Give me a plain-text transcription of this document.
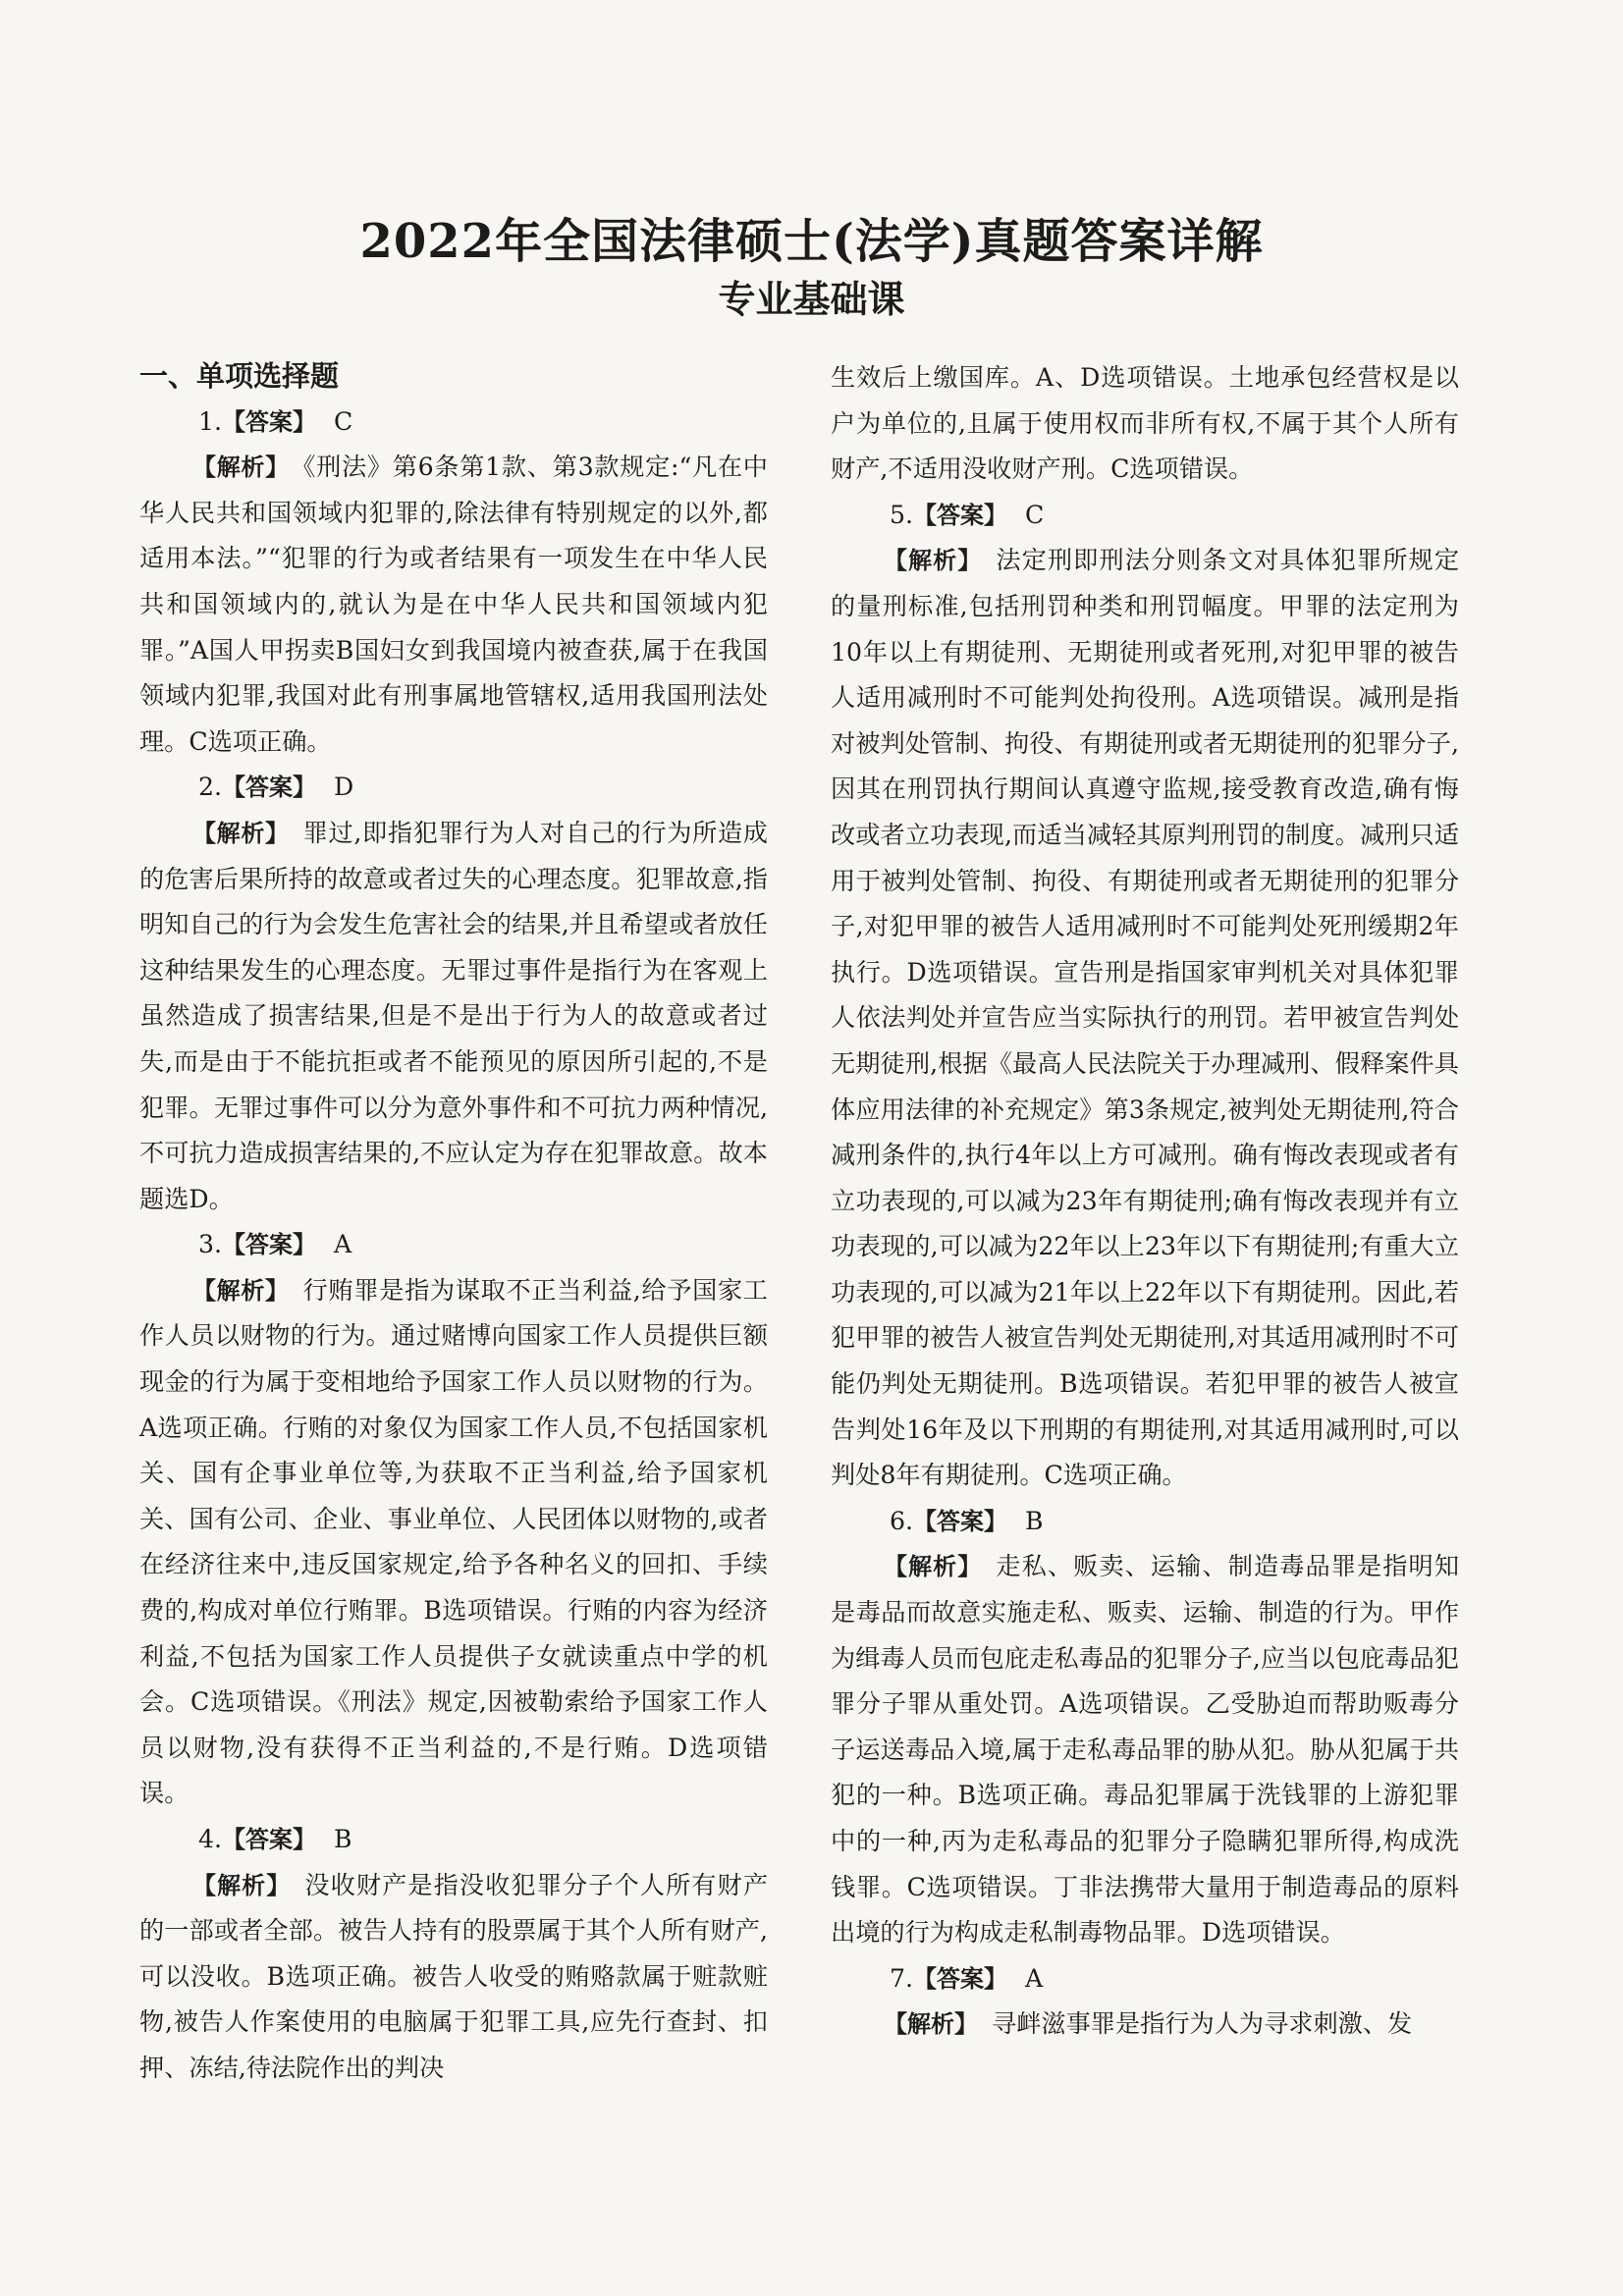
2022年全国法律硕士(法学)真题答案详解
专业基础课

一、单项选择题

1.【答案】 C

【解析】 《刑法》第6条第1款、第3款规定:“凡在中华人民共和国领域内犯罪的,除法律有特别规定的以外,都适用本法。”“犯罪的行为或者结果有一项发生在中华人民共和国领域内的,就认为是在中华人民共和国领域内犯罪。”A国人甲拐卖B国妇女到我国境内被查获,属于在我国领域内犯罪,我国对此有刑事属地管辖权,适用我国刑法处理。C选项正确。

2.【答案】 D

【解析】 罪过,即指犯罪行为人对自己的行为所造成的危害后果所持的故意或者过失的心理态度。犯罪故意,指明知自己的行为会发生危害社会的结果,并且希望或者放任这种结果发生的心理态度。无罪过事件是指行为在客观上虽然造成了损害结果,但是不是出于行为人的故意或者过失,而是由于不能抗拒或者不能预见的原因所引起的,不是犯罪。无罪过事件可以分为意外事件和不可抗力两种情况,不可抗力造成损害结果的,不应认定为存在犯罪故意。故本题选D。

3.【答案】 A

【解析】 行贿罪是指为谋取不正当利益,给予国家工作人员以财物的行为。通过赌博向国家工作人员提供巨额现金的行为属于变相地给予国家工作人员以财物的行为。A选项正确。行贿的对象仅为国家工作人员,不包括国家机关、国有企事业单位等,为获取不正当利益,给予国家机关、国有公司、企业、事业单位、人民团体以财物的,或者在经济往来中,违反国家规定,给予各种名义的回扣、手续费的,构成对单位行贿罪。B选项错误。行贿的内容为经济利益,不包括为国家工作人员提供子女就读重点中学的机会。C选项错误。《刑法》规定,因被勒索给予国家工作人员以财物,没有获得不正当利益的,不是行贿。D选项错误。

4.【答案】 B

【解析】 没收财产是指没收犯罪分子个人所有财产的一部或者全部。被告人持有的股票属于其个人所有财产,可以没收。B选项正确。被告人收受的贿赂款属于赃款赃物,被告人作案使用的电脑属于犯罪工具,应先行查封、扣押、冻结,待法院作出的判决

生效后上缴国库。A、D选项错误。土地承包经营权是以户为单位的,且属于使用权而非所有权,不属于其个人所有财产,不适用没收财产刑。C选项错误。

5.【答案】 C

【解析】 法定刑即刑法分则条文对具体犯罪所规定的量刑标准,包括刑罚种类和刑罚幅度。甲罪的法定刑为10年以上有期徒刑、无期徒刑或者死刑,对犯甲罪的被告人适用减刑时不可能判处拘役刑。A选项错误。减刑是指对被判处管制、拘役、有期徒刑或者无期徒刑的犯罪分子,因其在刑罚执行期间认真遵守监规,接受教育改造,确有悔改或者立功表现,而适当减轻其原判刑罚的制度。减刑只适用于被判处管制、拘役、有期徒刑或者无期徒刑的犯罪分子,对犯甲罪的被告人适用减刑时不可能判处死刑缓期2年执行。D选项错误。宣告刑是指国家审判机关对具体犯罪人依法判处并宣告应当实际执行的刑罚。若甲被宣告判处无期徒刑,根据《最高人民法院关于办理减刑、假释案件具体应用法律的补充规定》第3条规定,被判处无期徒刑,符合减刑条件的,执行4年以上方可减刑。确有悔改表现或者有立功表现的,可以减为23年有期徒刑;确有悔改表现并有立功表现的,可以减为22年以上23年以下有期徒刑;有重大立功表现的,可以减为21年以上22年以下有期徒刑。因此,若犯甲罪的被告人被宣告判处无期徒刑,对其适用减刑时不可能仍判处无期徒刑。B选项错误。若犯甲罪的被告人被宣告判处16年及以下刑期的有期徒刑,对其适用减刑时,可以判处8年有期徒刑。C选项正确。

6.【答案】 B

【解析】 走私、贩卖、运输、制造毒品罪是指明知是毒品而故意实施走私、贩卖、运输、制造的行为。甲作为缉毒人员而包庇走私毒品的犯罪分子,应当以包庇毒品犯罪分子罪从重处罚。A选项错误。乙受胁迫而帮助贩毒分子运送毒品入境,属于走私毒品罪的胁从犯。胁从犯属于共犯的一种。B选项正确。毒品犯罪属于洗钱罪的上游犯罪中的一种,丙为走私毒品的犯罪分子隐瞒犯罪所得,构成洗钱罪。C选项错误。丁非法携带大量用于制造毒品的原料出境的行为构成走私制毒物品罪。D选项错误。

7.【答案】 A

【解析】 寻衅滋事罪是指行为人为寻求刺激、发
